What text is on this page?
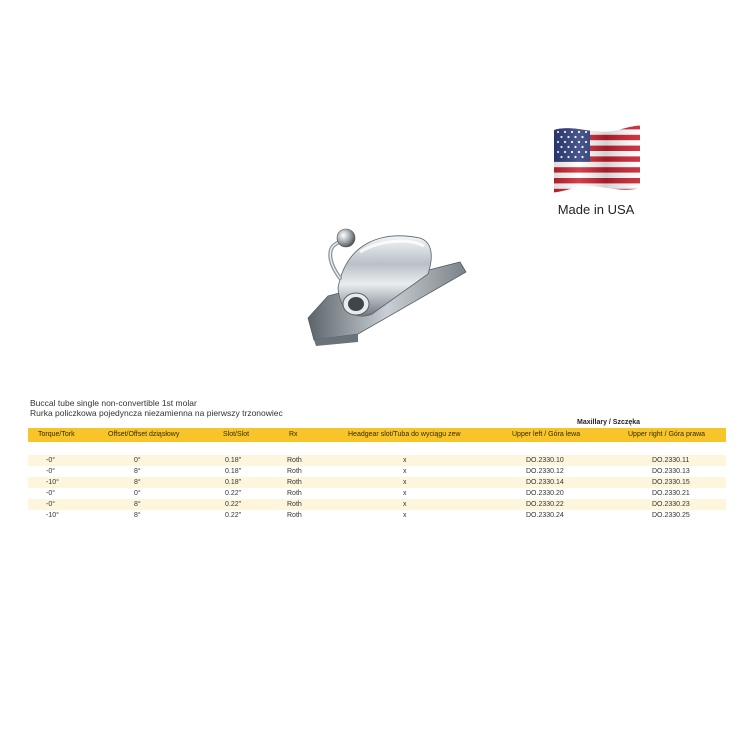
Made in USA
Buccal tube single non-convertible 1st molar
Rurka policzkowa pojedyncza niezamienna na pierwszy trzonowiec
Maxillary / Szczęka
Torque/Tork	Offset/Offset dziąsłowy	Slot/Slot	Rx	Headgear slot/Tuba do wyciągu zew	Upper left / Góra lewa	Upper right / Góra prawa
-0°	0°	0.18"	Roth	x	DO.2330.10	DO.2330.11
-0°	8°	0.18"	Roth	x	DO.2330.12	DO.2330.13
-10°	8°	0.18"	Roth	x	DO.2330.14	DO.2330.15
-0°	0°	0.22"	Roth	x	DO.2330.20	DO.2330.21
-0°	8°	0.22"	Roth	x	DO.2330.22	DO.2330.23
-10°	8°	0.22"	Roth	x	DO.2330.24	DO.2330.25
